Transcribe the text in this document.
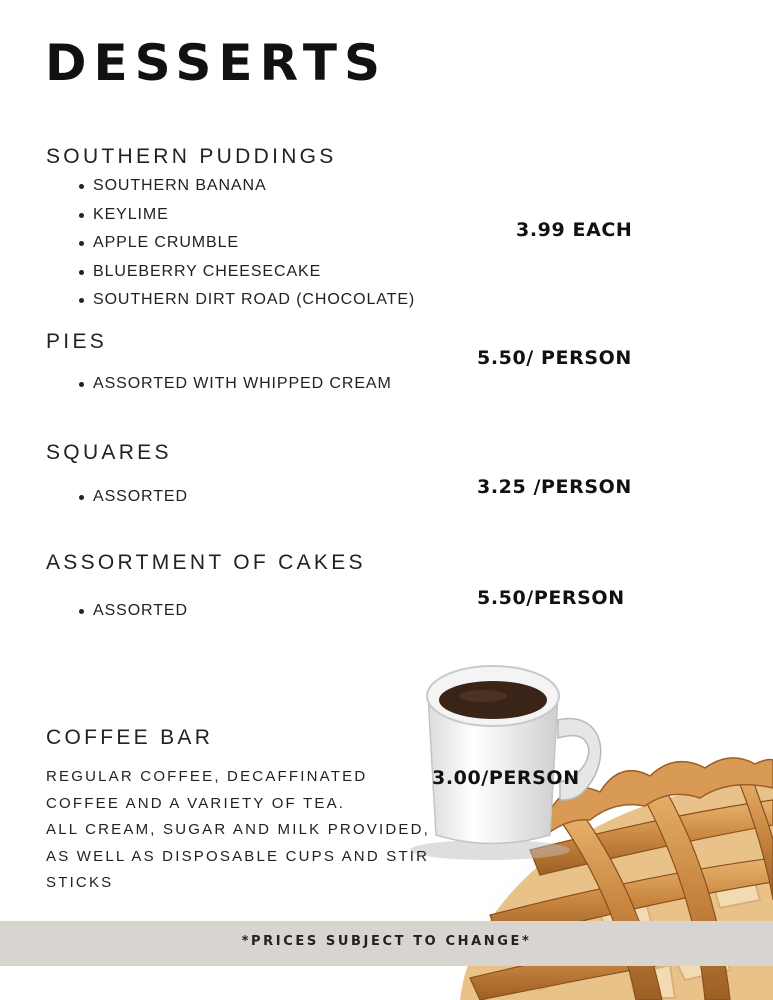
DESSERTS
SOUTHERN PUDDINGS
SOUTHERN BANANA
KEYLIME
APPLE CRUMBLE
BLUEBERRY CHEESECAKE
SOUTHERN DIRT ROAD (CHOCOLATE)
3.99 EACH
PIES
5.50/ PERSON
ASSORTED WITH WHIPPED CREAM
SQUARES
3.25 /PERSON
ASSORTED
ASSORTMENT OF CAKES
5.50/PERSON
ASSORTED
COFFEE BAR
3.00/PERSON

REGULAR COFFEE, DECAFFINATED
COFFEE AND A VARIETY OF TEA.
ALL CREAM, SUGAR AND MILK PROVIDED,
AS WELL AS DISPOSABLE CUPS AND STIR
STICKS

*PRICES SUBJECT TO CHANGE*
